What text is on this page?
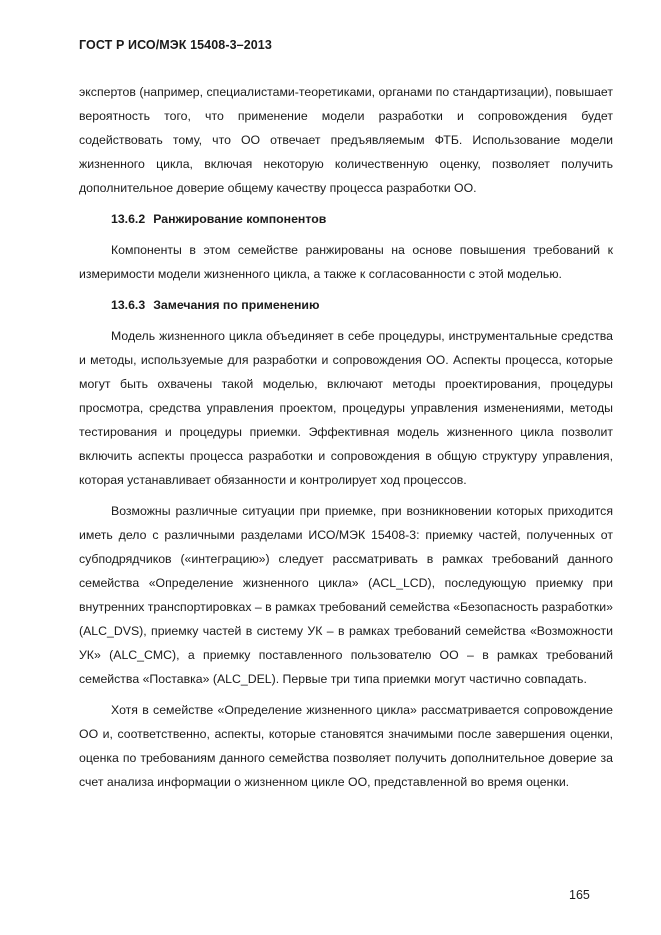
ГОСТ Р ИСО/МЭК 15408-3–2013

экспертов (например, специалистами-теоретиками, органами по стандартизации), повышает вероятность того, что применение модели разработки и сопровождения будет содействовать тому, что ОО отвечает предъявляемым ФТБ. Использование модели жизненного цикла, включая некоторую количественную оценку, позволяет получить дополнительное доверие общему качеству процесса разработки ОО.

13.6.2 Ранжирование компонентов

Компоненты в этом семействе ранжированы на основе повышения требований к измеримости модели жизненного цикла, а также к согласованности с этой моделью.

13.6.3 Замечания по применению

Модель жизненного цикла объединяет в себе процедуры, инструментальные средства и методы, используемые для разработки и сопровождения ОО. Аспекты процесса, которые могут быть охвачены такой моделью, включают методы проектирования, процедуры просмотра, средства управления проектом, процедуры управления изменениями, методы тестирования и процедуры приемки. Эффективная модель жизненного цикла позволит включить аспекты процесса разработки и сопровождения в общую структуру управления, которая устанавливает обязанности и контролирует ход процессов.

Возможны различные ситуации при приемке, при возникновении которых приходится иметь дело с различными разделами ИСО/МЭК 15408-3: приемку частей, полученных от субподрядчиков («интеграцию») следует рассматривать в рамках требований данного семейства «Определение жизненного цикла» (ACL_LCD), последующую приемку при внутренних транспортировках – в рамках требований семейства «Безопасность разработки» (ALC_DVS), приемку частей в систему УК – в рамках требований семейства «Возможности УК» (ALC_CMC), а приемку поставленного пользователю ОО – в рамках требований семейства «Поставка» (ALC_DEL). Первые три типа приемки могут частично совпадать.

Хотя в семействе «Определение жизненного цикла» рассматривается сопровождение ОО и, соответственно, аспекты, которые становятся значимыми после завершения оценки, оценка по требованиям данного семейства позволяет получить дополнительное доверие за счет анализа информации о жизненном цикле ОО, представленной во время оценки.

165
